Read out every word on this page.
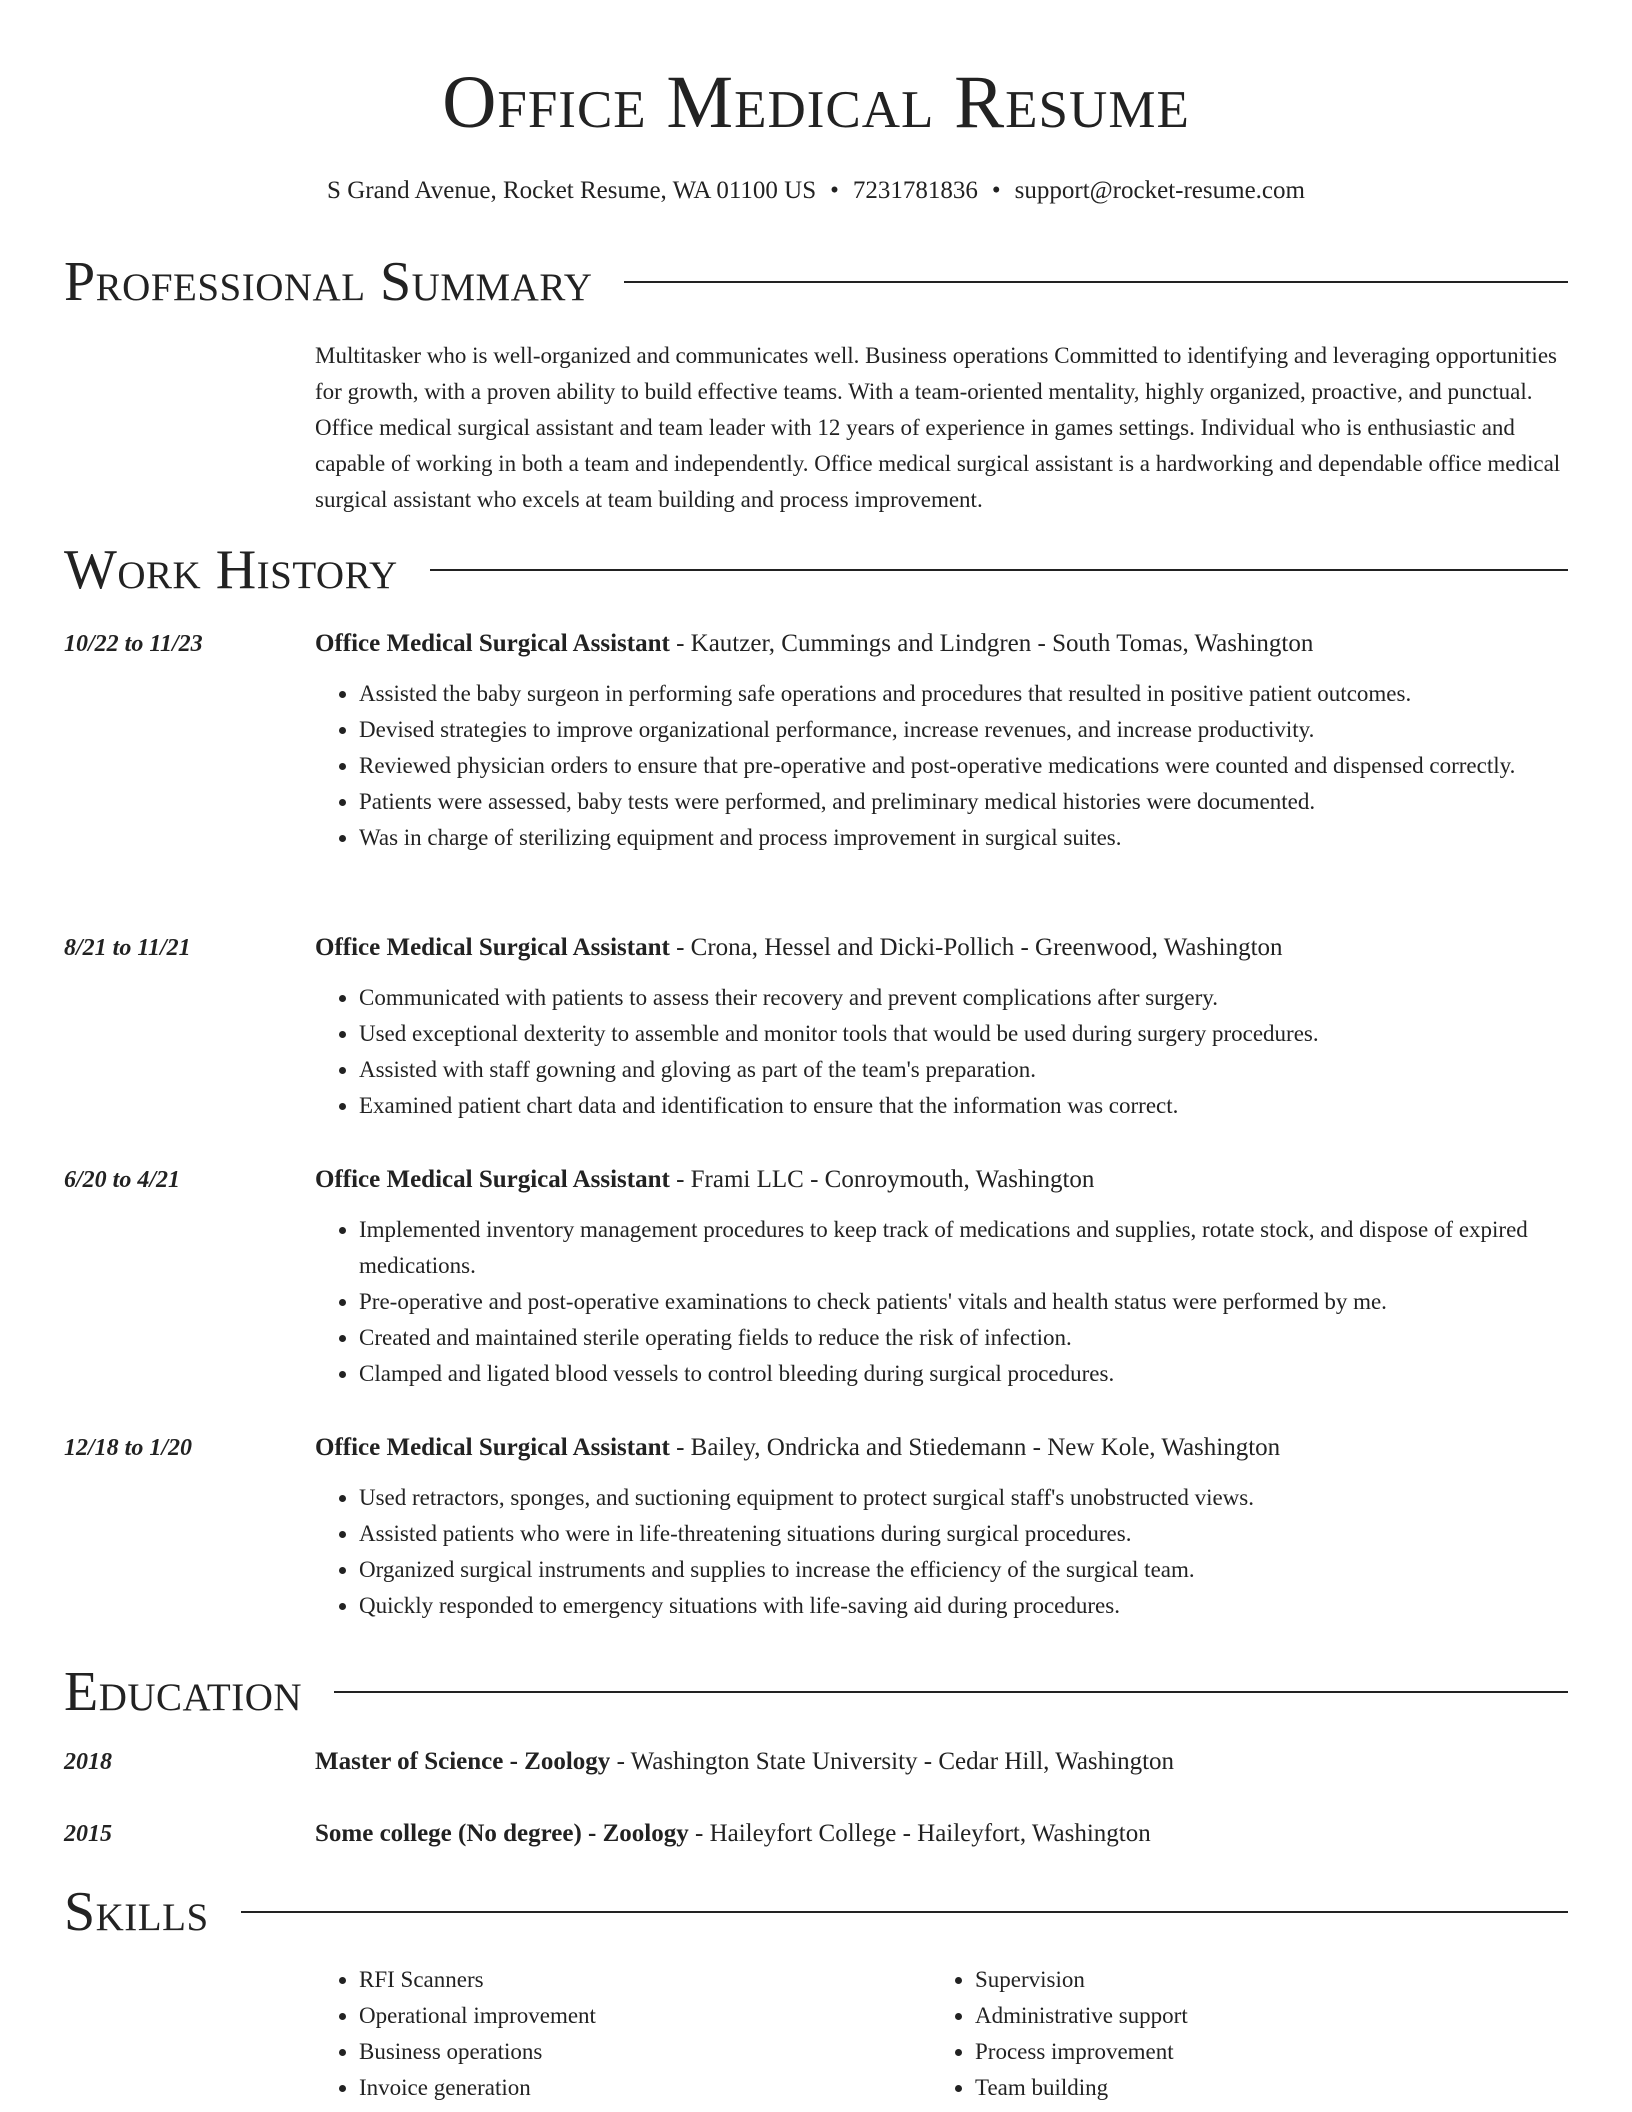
Office Medical Resume
S Grand Avenue, Rocket Resume, WA 01100 US • 7231781836 • support@rocket-resume.com
Professional Summary
Multitasker who is well-organized and communicates well. Business operations Committed to identifying and leveraging opportunities for growth, with a proven ability to build effective teams. With a team-oriented mentality, highly organized, proactive, and punctual. Office medical surgical assistant and team leader with 12 years of experience in games settings. Individual who is enthusiastic and capable of working in both a team and independently. Office medical surgical assistant is a hardworking and dependable office medical surgical assistant who excels at team building and process improvement.
Work History
10/22 to 11/23	Office Medical Surgical Assistant - Kautzer, Cummings and Lindgren - South Tomas, Washington
• Assisted the baby surgeon in performing safe operations and procedures that resulted in positive patient outcomes.
• Devised strategies to improve organizational performance, increase revenues, and increase productivity.
• Reviewed physician orders to ensure that pre-operative and post-operative medications were counted and dispensed correctly.
• Patients were assessed, baby tests were performed, and preliminary medical histories were documented.
• Was in charge of sterilizing equipment and process improvement in surgical suites.
8/21 to 11/21	Office Medical Surgical Assistant - Crona, Hessel and Dicki-Pollich - Greenwood, Washington
• Communicated with patients to assess their recovery and prevent complications after surgery.
• Used exceptional dexterity to assemble and monitor tools that would be used during surgery procedures.
• Assisted with staff gowning and gloving as part of the team's preparation.
• Examined patient chart data and identification to ensure that the information was correct.
6/20 to 4/21	Office Medical Surgical Assistant - Frami LLC - Conroymouth, Washington
• Implemented inventory management procedures to keep track of medications and supplies, rotate stock, and dispose of expired medications.
• Pre-operative and post-operative examinations to check patients' vitals and health status were performed by me.
• Created and maintained sterile operating fields to reduce the risk of infection.
• Clamped and ligated blood vessels to control bleeding during surgical procedures.
12/18 to 1/20	Office Medical Surgical Assistant - Bailey, Ondricka and Stiedemann - New Kole, Washington
• Used retractors, sponges, and suctioning equipment to protect surgical staff's unobstructed views.
• Assisted patients who were in life-threatening situations during surgical procedures.
• Organized surgical instruments and supplies to increase the efficiency of the surgical team.
• Quickly responded to emergency situations with life-saving aid during procedures.
Education
2018	Master of Science - Zoology - Washington State University - Cedar Hill, Washington
2015	Some college (No degree) - Zoology - Haileyfort College - Haileyfort, Washington
Skills
• RFI Scanners
• Operational improvement
• Business operations
• Invoice generation
• Supervision
• Administrative support
• Process improvement
• Team building
